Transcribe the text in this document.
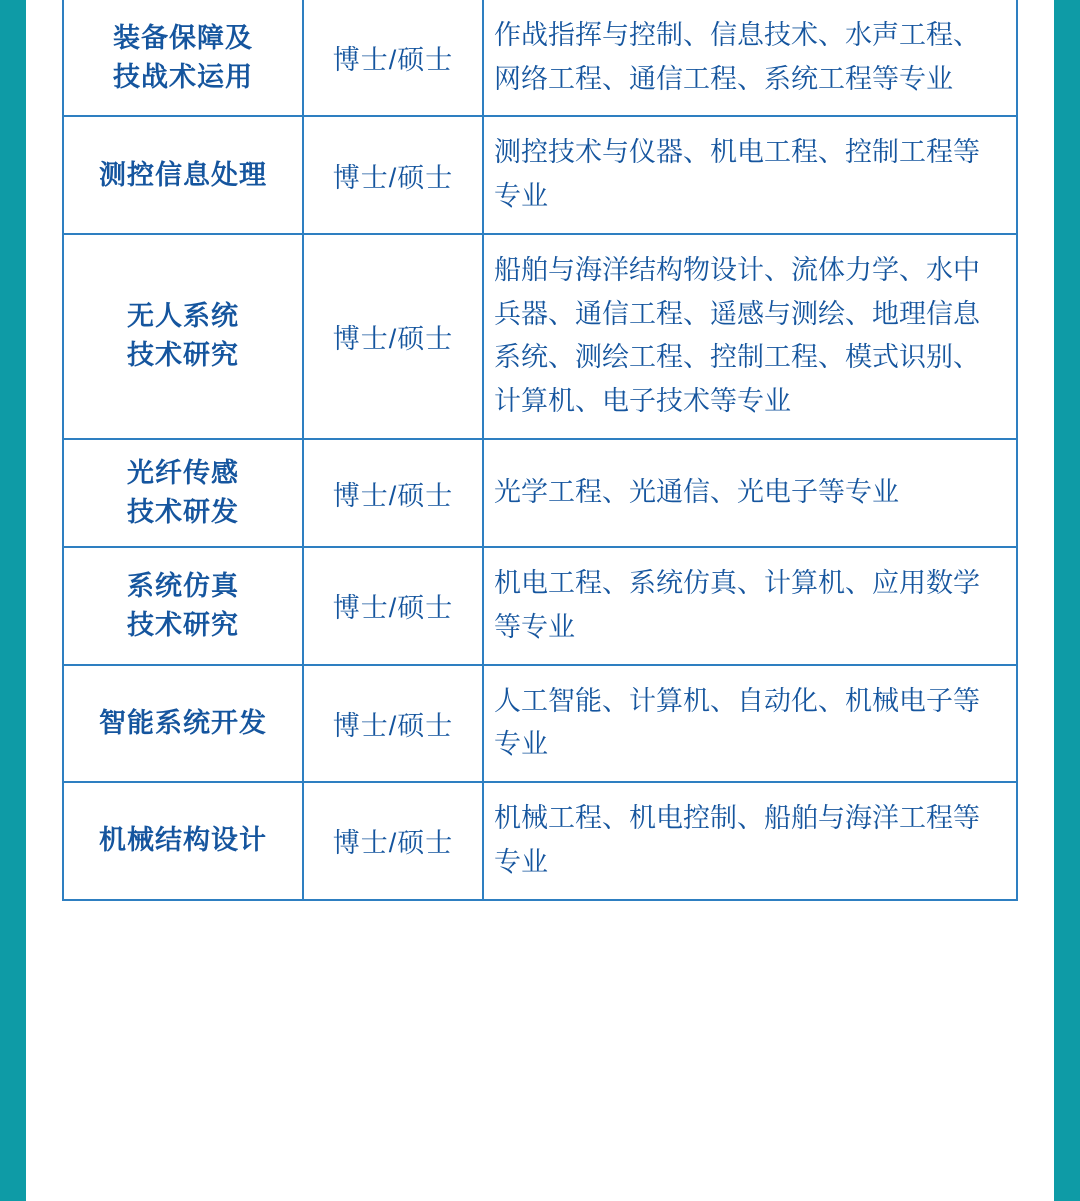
装备保障及
技战术运用	博士/硕士	作战指挥与控制、信息技术、水声工程、网络工程、通信工程、系统工程等专业
测控信息处理	博士/硕士	测控技术与仪器、机电工程、控制工程等专业
无人系统
技术研究	博士/硕士	船舶与海洋结构物设计、流体力学、水中兵器、通信工程、遥感与测绘、地理信息系统、测绘工程、控制工程、模式识别、计算机、电子技术等专业
光纤传感
技术研发	博士/硕士	光学工程、光通信、光电子等专业
系统仿真
技术研究	博士/硕士	机电工程、系统仿真、计算机、应用数学等专业
智能系统开发	博士/硕士	人工智能、计算机、自动化、机械电子等专业
机械结构设计	博士/硕士	机械工程、机电控制、船舶与海洋工程等专业
